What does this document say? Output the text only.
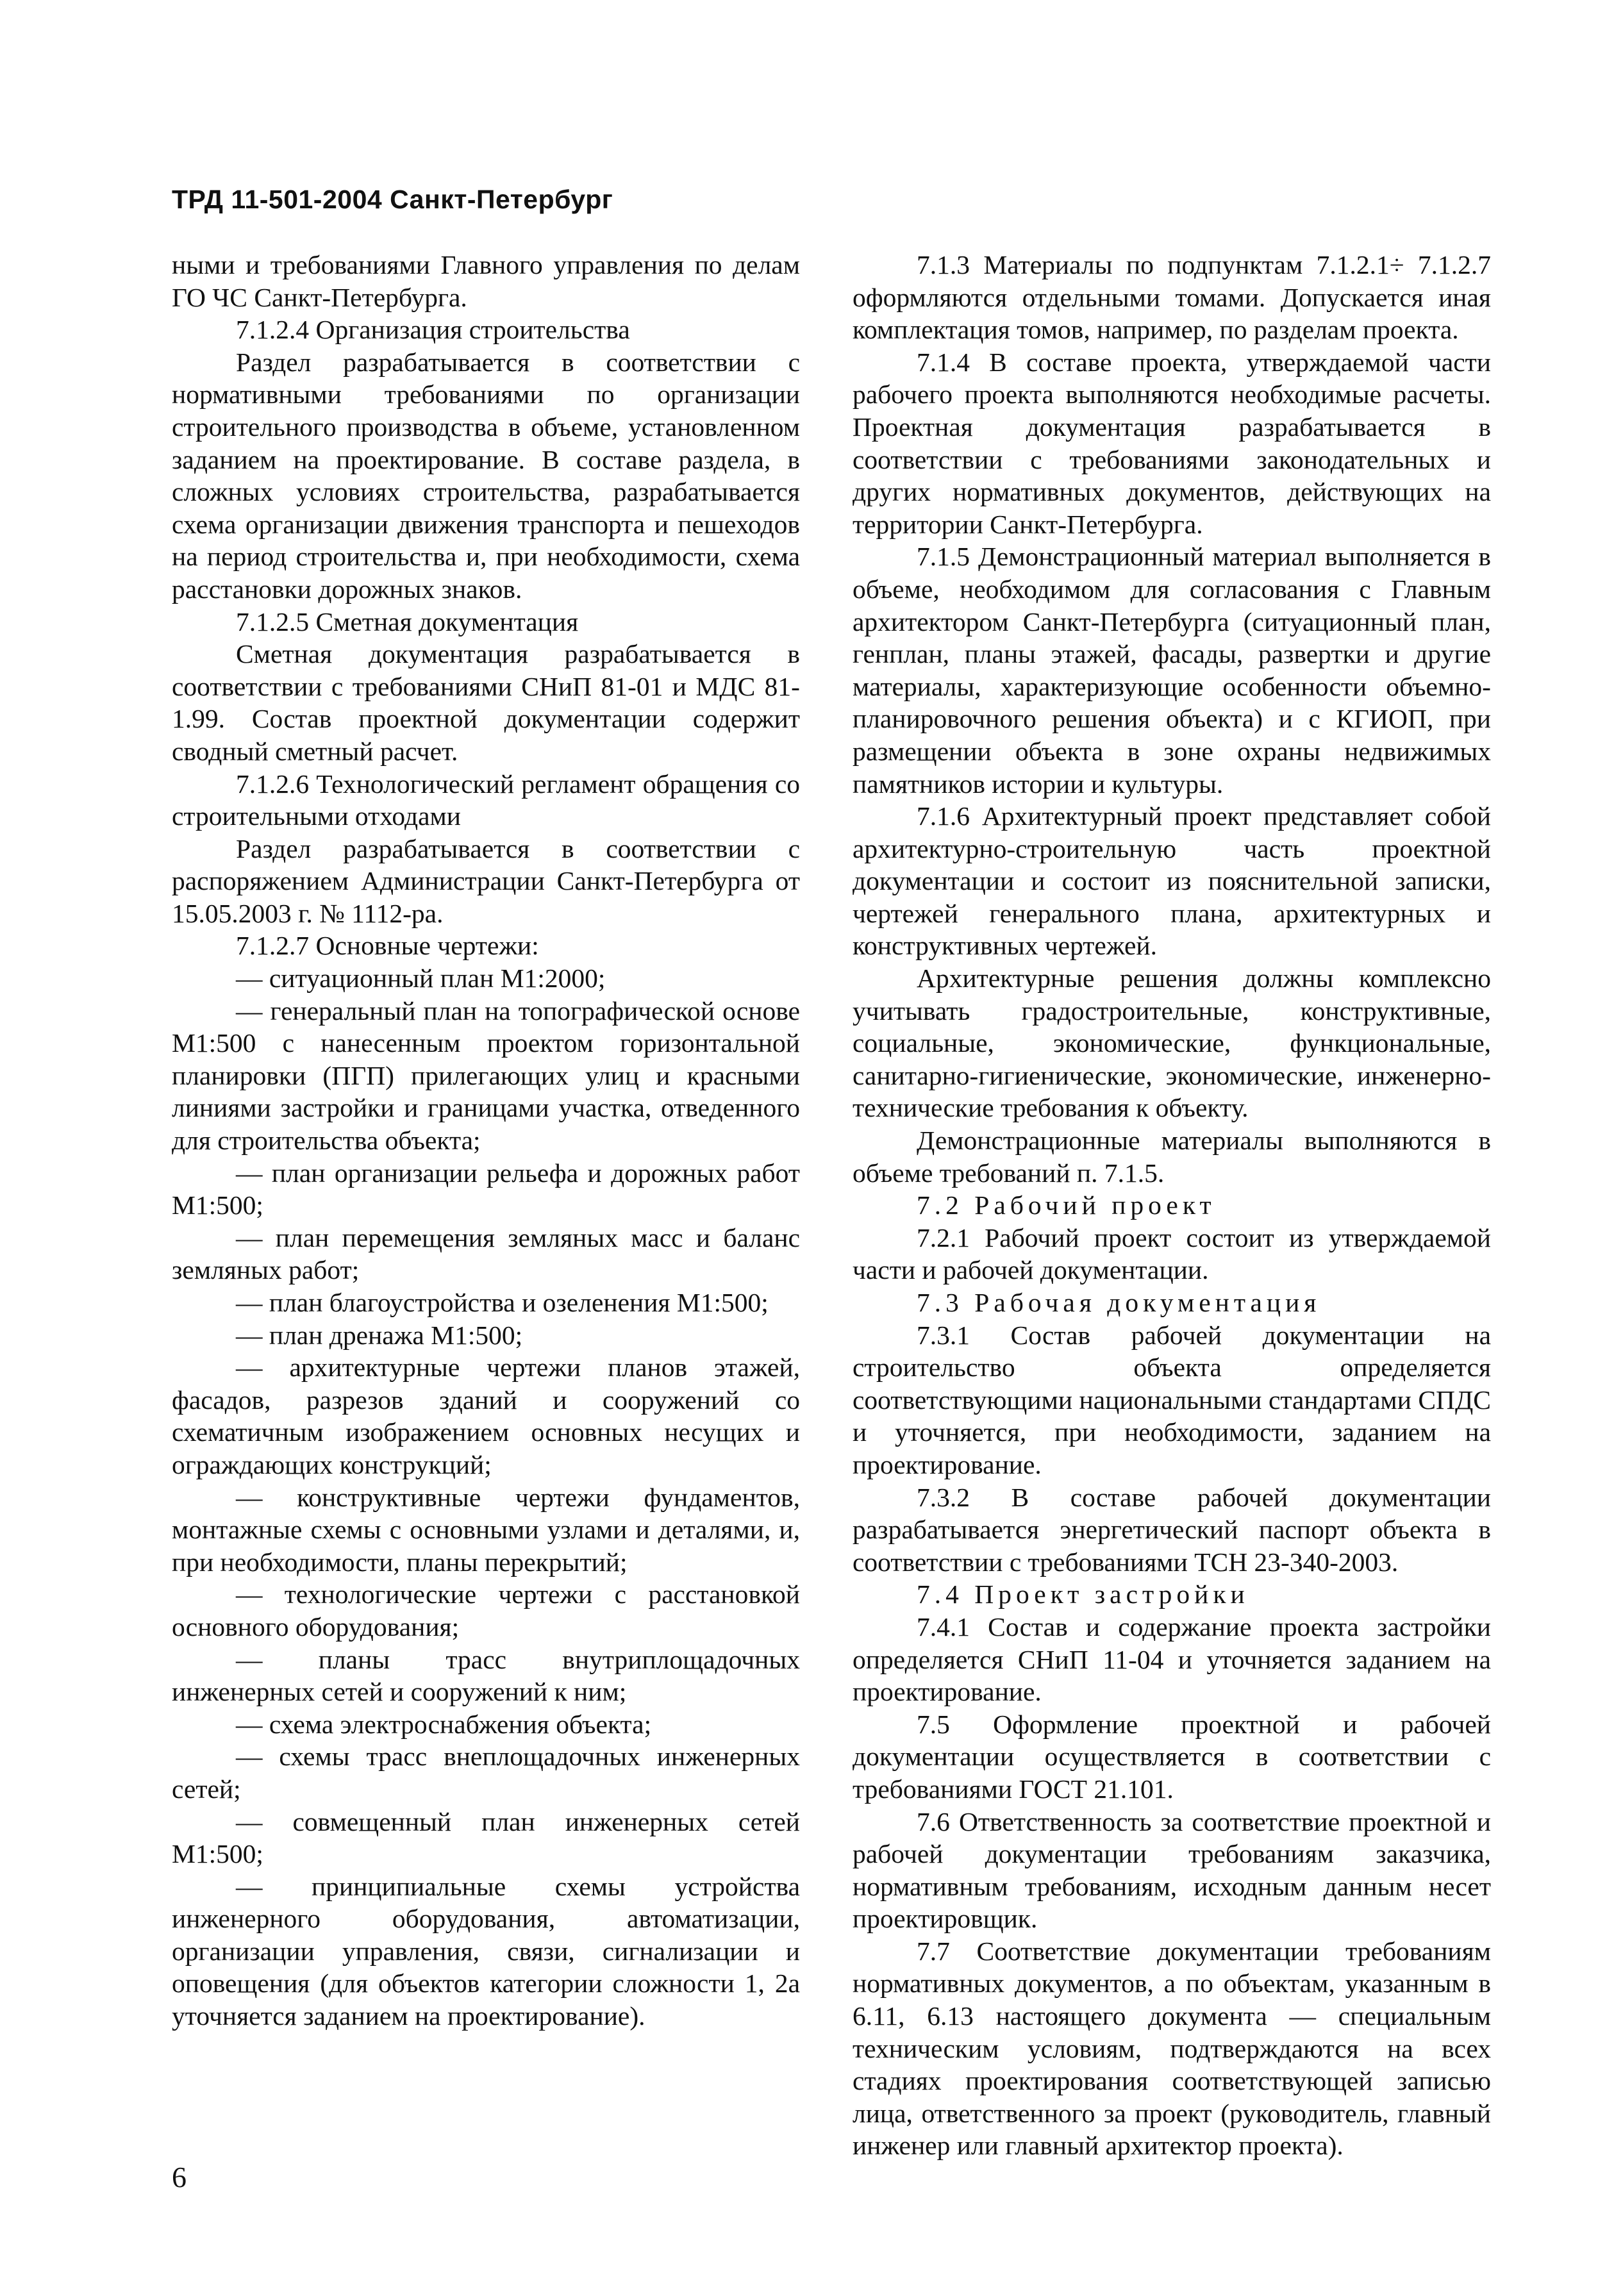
ТРД 11-501-2004 Санкт-Петербург

ными и требованиями Главного управления по делам ГО ЧС Санкт-Петербурга.

7.1.2.4 Организация строительства

Раздел разрабатывается в соответствии с нормативными требованиями по организации строительного производства в объеме, установленном заданием на проектирование. В составе раздела, в сложных условиях строительства, разрабатывается схема организации движения транспорта и пешеходов на период строительства и, при необходимости, схема расстановки дорожных знаков.

7.1.2.5 Сметная документация

Сметная документация разрабатывается в соответствии с требованиями СНиП 81-01 и МДС 81-1.99. Состав проектной документации содержит сводный сметный расчет.

7.1.2.6 Технологический регламент обращения со строительными отходами

Раздел разрабатывается в соответствии с распоряжением Администрации Санкт-Петербурга от 15.05.2003 г. № 1112-ра.

7.1.2.7 Основные чертежи:

— ситуационный план М1:2000;

— генеральный план на топографической основе М1:500 с нанесенным проектом горизонтальной планировки (ПГП) прилегающих улиц и красными линиями застройки и границами участка, отведенного для строительства объекта;

— план организации рельефа и дорожных работ М1:500;

— план перемещения земляных масс и баланс земляных работ;

— план благоустройства и озеленения М1:500;

— план дренажа М1:500;

— архитектурные чертежи планов этажей, фасадов, разрезов зданий и сооружений со схематичным изображением основных несущих и ограждающих конструкций;

— конструктивные чертежи фундаментов, монтажные схемы с основными узлами и деталями, и, при необходимости, планы перекрытий;

— технологические чертежи с расстановкой основного оборудования;

— планы трасс внутриплощадочных инженерных сетей и сооружений к ним;

— схема электроснабжения объекта;

— схемы трасс внеплощадочных инженерных сетей;

— совмещенный план инженерных сетей М1:500;

— принципиальные схемы устройства инженерного оборудования, автоматизации, организации управления, связи, сигнализации и оповещения (для объектов категории сложности 1, 2а уточняется заданием на проектирование).

7.1.3 Материалы по подпунктам 7.1.2.1÷ 7.1.2.7 оформляются отдельными томами. Допускается иная комплектация томов, например, по разделам проекта.

7.1.4 В составе проекта, утверждаемой части рабочего проекта выполняются необходимые расчеты. Проектная документация разрабатывается в соответствии с требованиями законодательных и других нормативных документов, действующих на территории Санкт-Петербурга.

7.1.5 Демонстрационный материал выполняется в объеме, необходимом для согласования с Главным архитектором Санкт-Петербурга (ситуационный план, генплан, планы этажей, фасады, развертки и другие материалы, характеризующие особенности объемно-планировочного решения объекта) и с КГИОП, при размещении объекта в зоне охраны недвижимых памятников истории и культуры.

7.1.6 Архитектурный проект представляет собой архитектурно-строительную часть проектной документации и состоит из пояснительной записки, чертежей генерального плана, архитектурных и конструктивных чертежей.

Архитектурные решения должны комплексно учитывать градостроительные, конструктивные, социальные, экономические, функциональные, санитарно-гигиенические, экономические, инженерно-технические требования к объекту.

Демонстрационные материалы выполняются в объеме требований п. 7.1.5.

7.2 Рабочий проект

7.2.1 Рабочий проект состоит из утверждаемой части и рабочей документации.

7.3 Рабочая документация

7.3.1 Состав рабочей документации на строительство объекта определяется соответствующими национальными стандартами СПДС и уточняется, при необходимости, заданием на проектирование.

7.3.2 В составе рабочей документации разрабатывается энергетический паспорт объекта в соответствии с требованиями ТСН 23-340-2003.

7.4 Проект застройки

7.4.1 Состав и содержание проекта застройки определяется СНиП 11-04 и уточняется заданием на проектирование.

7.5 Оформление проектной и рабочей документации осуществляется в соответствии с требованиями ГОСТ 21.101.

7.6 Ответственность за соответствие проектной и рабочей документации требованиям заказчика, нормативным требованиям, исходным данным несет проектировщик.

7.7 Соответствие документации требованиям нормативных документов, а по объектам, указанным в 6.11, 6.13 настоящего документа — специальным техническим условиям, подтверждаются на всех стадиях проектирования соответствующей записью лица, ответственного за проект (руководитель, главный инженер или главный архитектор проекта).

6
